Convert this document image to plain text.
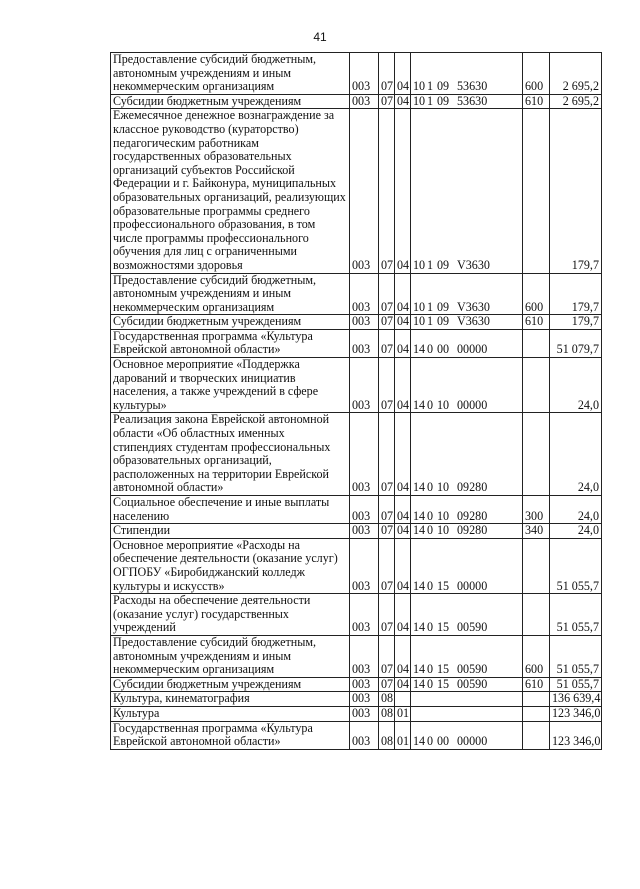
41
Предоставление субсидий бюджетным, автономным учреждениям и иным некоммерческим организациям	003	07	04	10 1 09 53630	600	2 695,2
Субсидии бюджетным учреждениям	003	07	04	10 1 09 53630	610	2 695,2
Ежемесячное денежное вознаграждение за классное руководство (кураторство) педагогическим работникам государственных образовательных организаций субъектов Российской Федерации и г. Байконура, муниципальных образовательных организаций, реализующих образовательные программы среднего профессионального образования, в том числе программы профессионального обучения для лиц с ограниченными возможностями здоровья	003	07	04	10 1 09 V3630		179,7
Предоставление субсидий бюджетным, автономным учреждениям и иным некоммерческим организациям	003	07	04	10 1 09 V3630	600	179,7
Субсидии бюджетным учреждениям	003	07	04	10 1 09 V3630	610	179,7
Государственная программа «Культура Еврейской автономной области»	003	07	04	14 0 00 00000		51 079,7
Основное мероприятие «Поддержка дарований и творческих инициатив населения, а также учреждений в сфере культуры»	003	07	04	14 0 10 00000		24,0
Реализация закона Еврейской автономной области «Об областных именных стипендиях студентам профессиональных образовательных организаций, расположенных на территории Еврейской автономной области»	003	07	04	14 0 10 09280		24,0
Социальное обеспечение и иные выплаты населению	003	07	04	14 0 10 09280	300	24,0
Стипендии	003	07	04	14 0 10 09280	340	24,0
Основное мероприятие «Расходы на обеспечение деятельности (оказание услуг) ОГПОБУ «Биробиджанский колледж культуры и искусств»	003	07	04	14 0 15 00000		51 055,7
Расходы на обеспечение деятельности (оказание услуг) государственных учреждений	003	07	04	14 0 15 00590		51 055,7
Предоставление субсидий бюджетным, автономным учреждениям и иным некоммерческим организациям	003	07	04	14 0 15 00590	600	51 055,7
Субсидии бюджетным учреждениям	003	07	04	14 0 15 00590	610	51 055,7
Культура, кинематография	003	08				136 639,4
Культура	003	08	01			123 346,0
Государственная программа «Культура Еврейской автономной области»	003	08	01	14 0 00 00000		123 346,0
